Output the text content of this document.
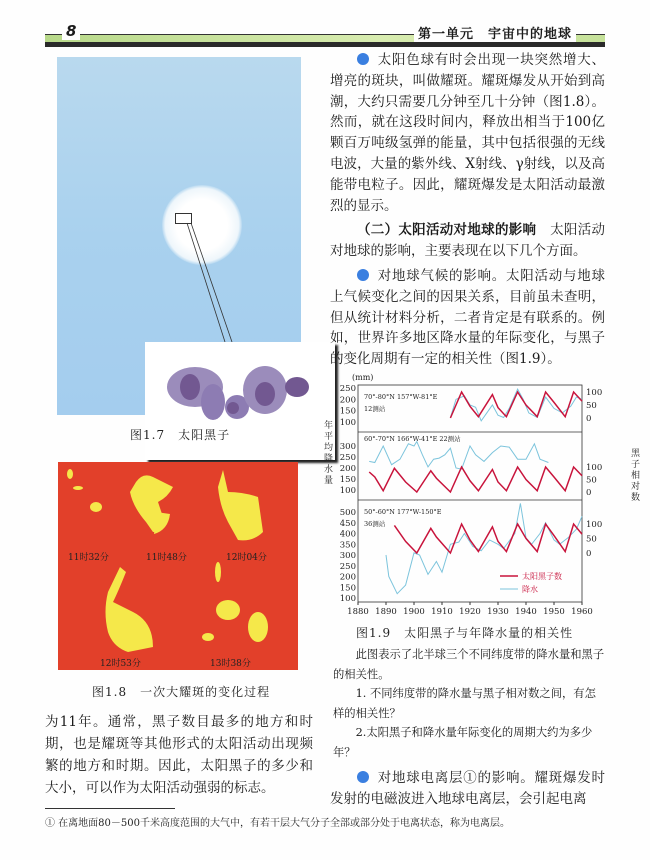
8	第一单元　宇宙中的地球
图1.7　太阳黑子
11时32分	11时48分	12时04分
12时53分	13时38分
图1.8　一次大耀斑的变化过程
为11年。通常，黑子数目最多的地方和时期，也是耀斑等其他形式的太阳活动出现频繁的地方和时期。因此，太阳黑子的多少和大小，可以作为太阳活动强弱的标志。

太阳色球有时会出现一块突然增大、增亮的斑块，叫做耀斑。耀斑爆发从开始到高潮，大约只需要几分钟至几十分钟（图1.8）。然而，就在这段时间内，释放出相当于100亿颗百万吨级氢弹的能量，其中包括很强的无线电波，大量的紫外线、X射线、γ射线，以及高能带电粒子。因此，耀斑爆发是太阳活动最激烈的显示。

（二）太阳活动对地球的影响　 太阳活动对地球的影响，主要表现在以下几个方面。

对地球气候的影响。太阳活动与地球上气候变化之间的因果关系，目前虽未查明，但从统计材料分析，二者肯定是有联系的。例如，世界许多地区降水量的年际变化，与黑子的变化周期有一定的相关性（图1.9）。

(mm)
1880 1890 1900 1910 1920 1930 1940 1950 1960
250
200
150
100
100
50
0
70°-80°N 157°W-81°E
12测站
300
250
200
150
100
100
50
0
60°-70°N 166°W-41°E 22测站
500
450
400
350
300
250
200
150
100
100
50
0
50°-60°N 177°W-150°E
36测站
太阳黑子数
降水
年平均降水量	黑子相对数
图1.9　太阳黑子与年降水量的相关性

此图表示了北半球三个不同纬度带的降水量和黑子的相关性。

1. 不同纬度带的降水量与黑子相对数之间，有怎样的相关性？

2.太阳黑子和降水量年际变化的周期大约为多少年？

对地球电离层①的影响。耀斑爆发时发射的电磁波进入地球电离层，会引起电离

① 在离地面80－500千米高度范围的大气中，有若干层大气分子全部或部分处于电离状态，称为电离层。
